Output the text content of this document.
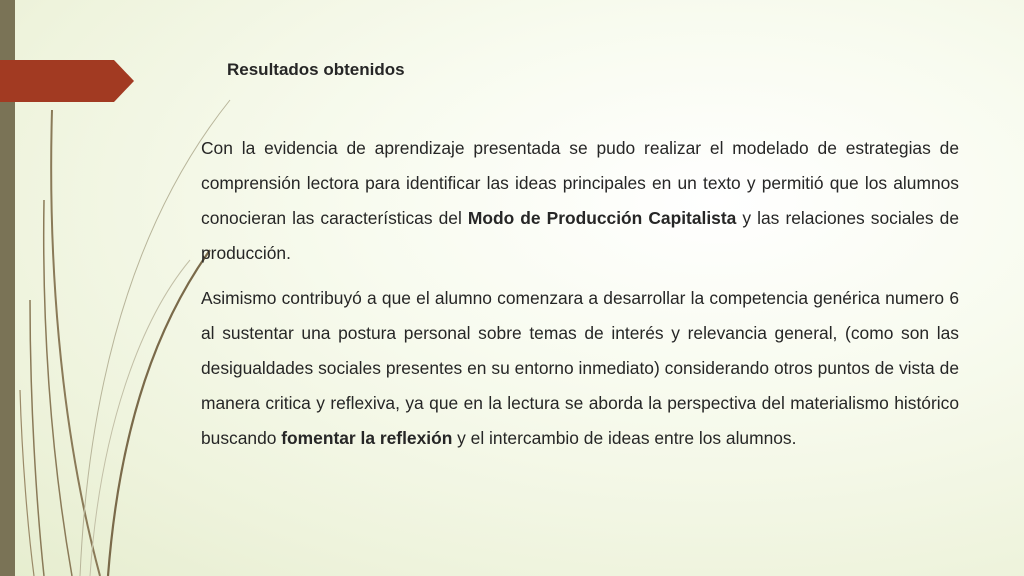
Resultados obtenidos

Con la evidencia de aprendizaje presentada se pudo realizar el modelado de estrategias de comprensión lectora para identificar las ideas principales en un texto y permitió que los alumnos conocieran las características del Modo de Producción Capitalista y las relaciones sociales de producción.

Asimismo contribuyó a que el alumno comenzara a desarrollar la competencia genérica numero 6 al sustentar una postura personal sobre temas de interés y relevancia general, (como son las desigualdades sociales presentes en su entorno inmediato) considerando otros puntos de vista de manera critica y reflexiva, ya que en la lectura se aborda la perspectiva del materialismo histórico buscando fomentar la reflexión y el intercambio de ideas entre los alumnos.
